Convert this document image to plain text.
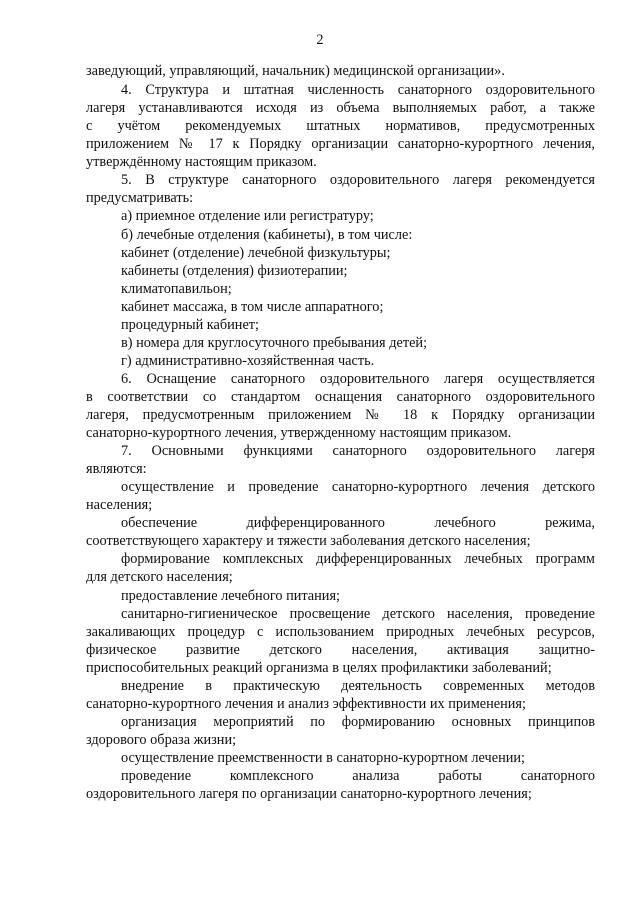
2
заведующий, управляющий, начальник) медицинской организации».
4. Структура и штатная численность санаторного оздоровительного
лагеря устанавливаются исходя из объема выполняемых работ, а также
с учётом рекомендуемых штатных нормативов, предусмотренных
приложением № 17 к Порядку организации санаторно-курортного лечения,
утверждённому настоящим приказом.
5. В структуре санаторного оздоровительного лагеря рекомендуется
предусматривать:
а) приемное отделение или регистратуру;
б) лечебные отделения (кабинеты), в том числе:
кабинет (отделение) лечебной физкультуры;
кабинеты (отделения) физиотерапии;
климатопавильон;
кабинет массажа, в том числе аппаратного;
процедурный кабинет;
в) номера для круглосуточного пребывания детей;
г) административно-хозяйственная часть.
6. Оснащение санаторного оздоровительного лагеря осуществляется
в соответствии со стандартом оснащения санаторного оздоровительного
лагеря, предусмотренным приложением № 18 к Порядку организации
санаторно-курортного лечения, утвержденному настоящим приказом.
7. Основными функциями санаторного оздоровительного лагеря
являются:
осуществление и проведение санаторно-курортного лечения детского
населения;
обеспечение дифференцированного лечебного режима,
соответствующего характеру и тяжести заболевания детского населения;
формирование комплексных дифференцированных лечебных программ
для детского населения;
предоставление лечебного питания;
санитарно-гигиеническое просвещение детского населения, проведение
закаливающих процедур с использованием природных лечебных ресурсов,
физическое развитие детского населения, активация защитно-
приспособительных реакций организма в целях профилактики заболеваний;
внедрение в практическую деятельность современных методов
санаторно-курортного лечения и анализ эффективности их применения;
организация мероприятий по формированию основных принципов
здорового образа жизни;
осуществление преемственности в санаторно-курортном лечении;
проведение комплексного анализа работы санаторного
оздоровительного лагеря по организации санаторно-курортного лечения;
